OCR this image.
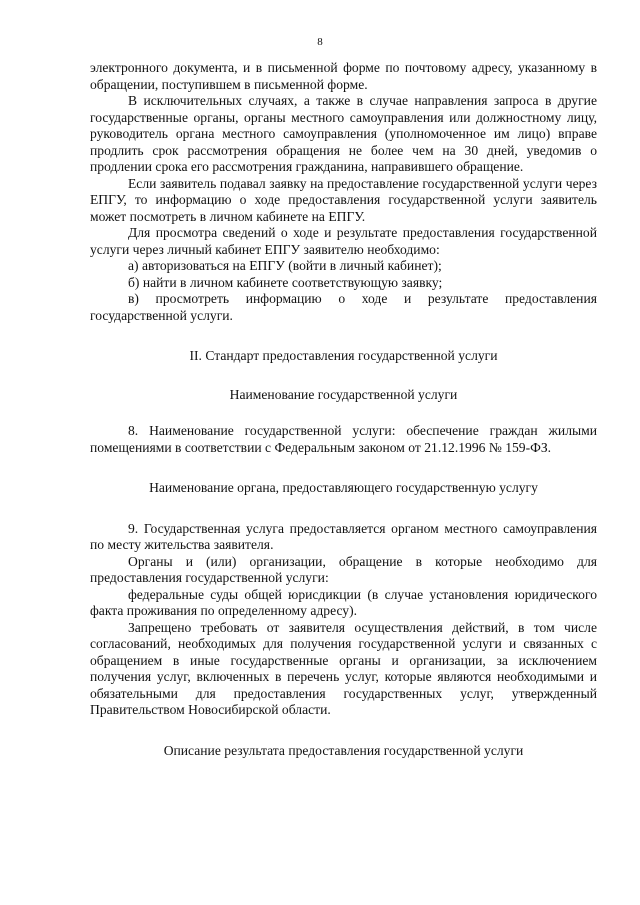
8

электронного документа, и в письменной форме по почтовому адресу, указанному в обращении, поступившем в письменной форме.

В исключительных случаях, а также в случае направления запроса в другие государственные органы, органы местного самоуправления или должностному лицу, руководитель органа местного самоуправления (уполномоченное им лицо) вправе продлить срок рассмотрения обращения не более чем на 30 дней, уведомив о продлении срока его рассмотрения гражданина, направившего обращение.

Если заявитель подавал заявку на предоставление государственной услуги через ЕПГУ, то информацию о ходе предоставления государственной услуги заявитель может посмотреть в личном кабинете на ЕПГУ.

Для просмотра сведений о ходе и результате предоставления государственной услуги через личный кабинет ЕПГУ заявителю необходимо:

а) авторизоваться на ЕПГУ (войти в личный кабинет);

б) найти в личном кабинете соответствующую заявку;

в) просмотреть информацию о ходе и результате предоставления государственной услуги.

II. Стандарт предоставления государственной услуги

Наименование государственной услуги

8. Наименование государственной услуги: обеспечение граждан жилыми помещениями в соответствии с Федеральным законом от 21.12.1996 № 159-ФЗ.

Наименование органа, предоставляющего государственную услугу

9. Государственная услуга предоставляется органом местного самоуправления по месту жительства заявителя.

Органы и (или) организации, обращение в которые необходимо для предоставления государственной услуги:

федеральные суды общей юрисдикции (в случае установления юридического факта проживания по определенному адресу).

Запрещено требовать от заявителя осуществления действий, в том числе согласований, необходимых для получения государственной услуги и связанных с обращением в иные государственные органы и организации, за исключением получения услуг, включенных в перечень услуг, которые являются необходимыми и обязательными для предоставления государственных услуг, утвержденный Правительством Новосибирской области.

Описание результата предоставления государственной услуги
